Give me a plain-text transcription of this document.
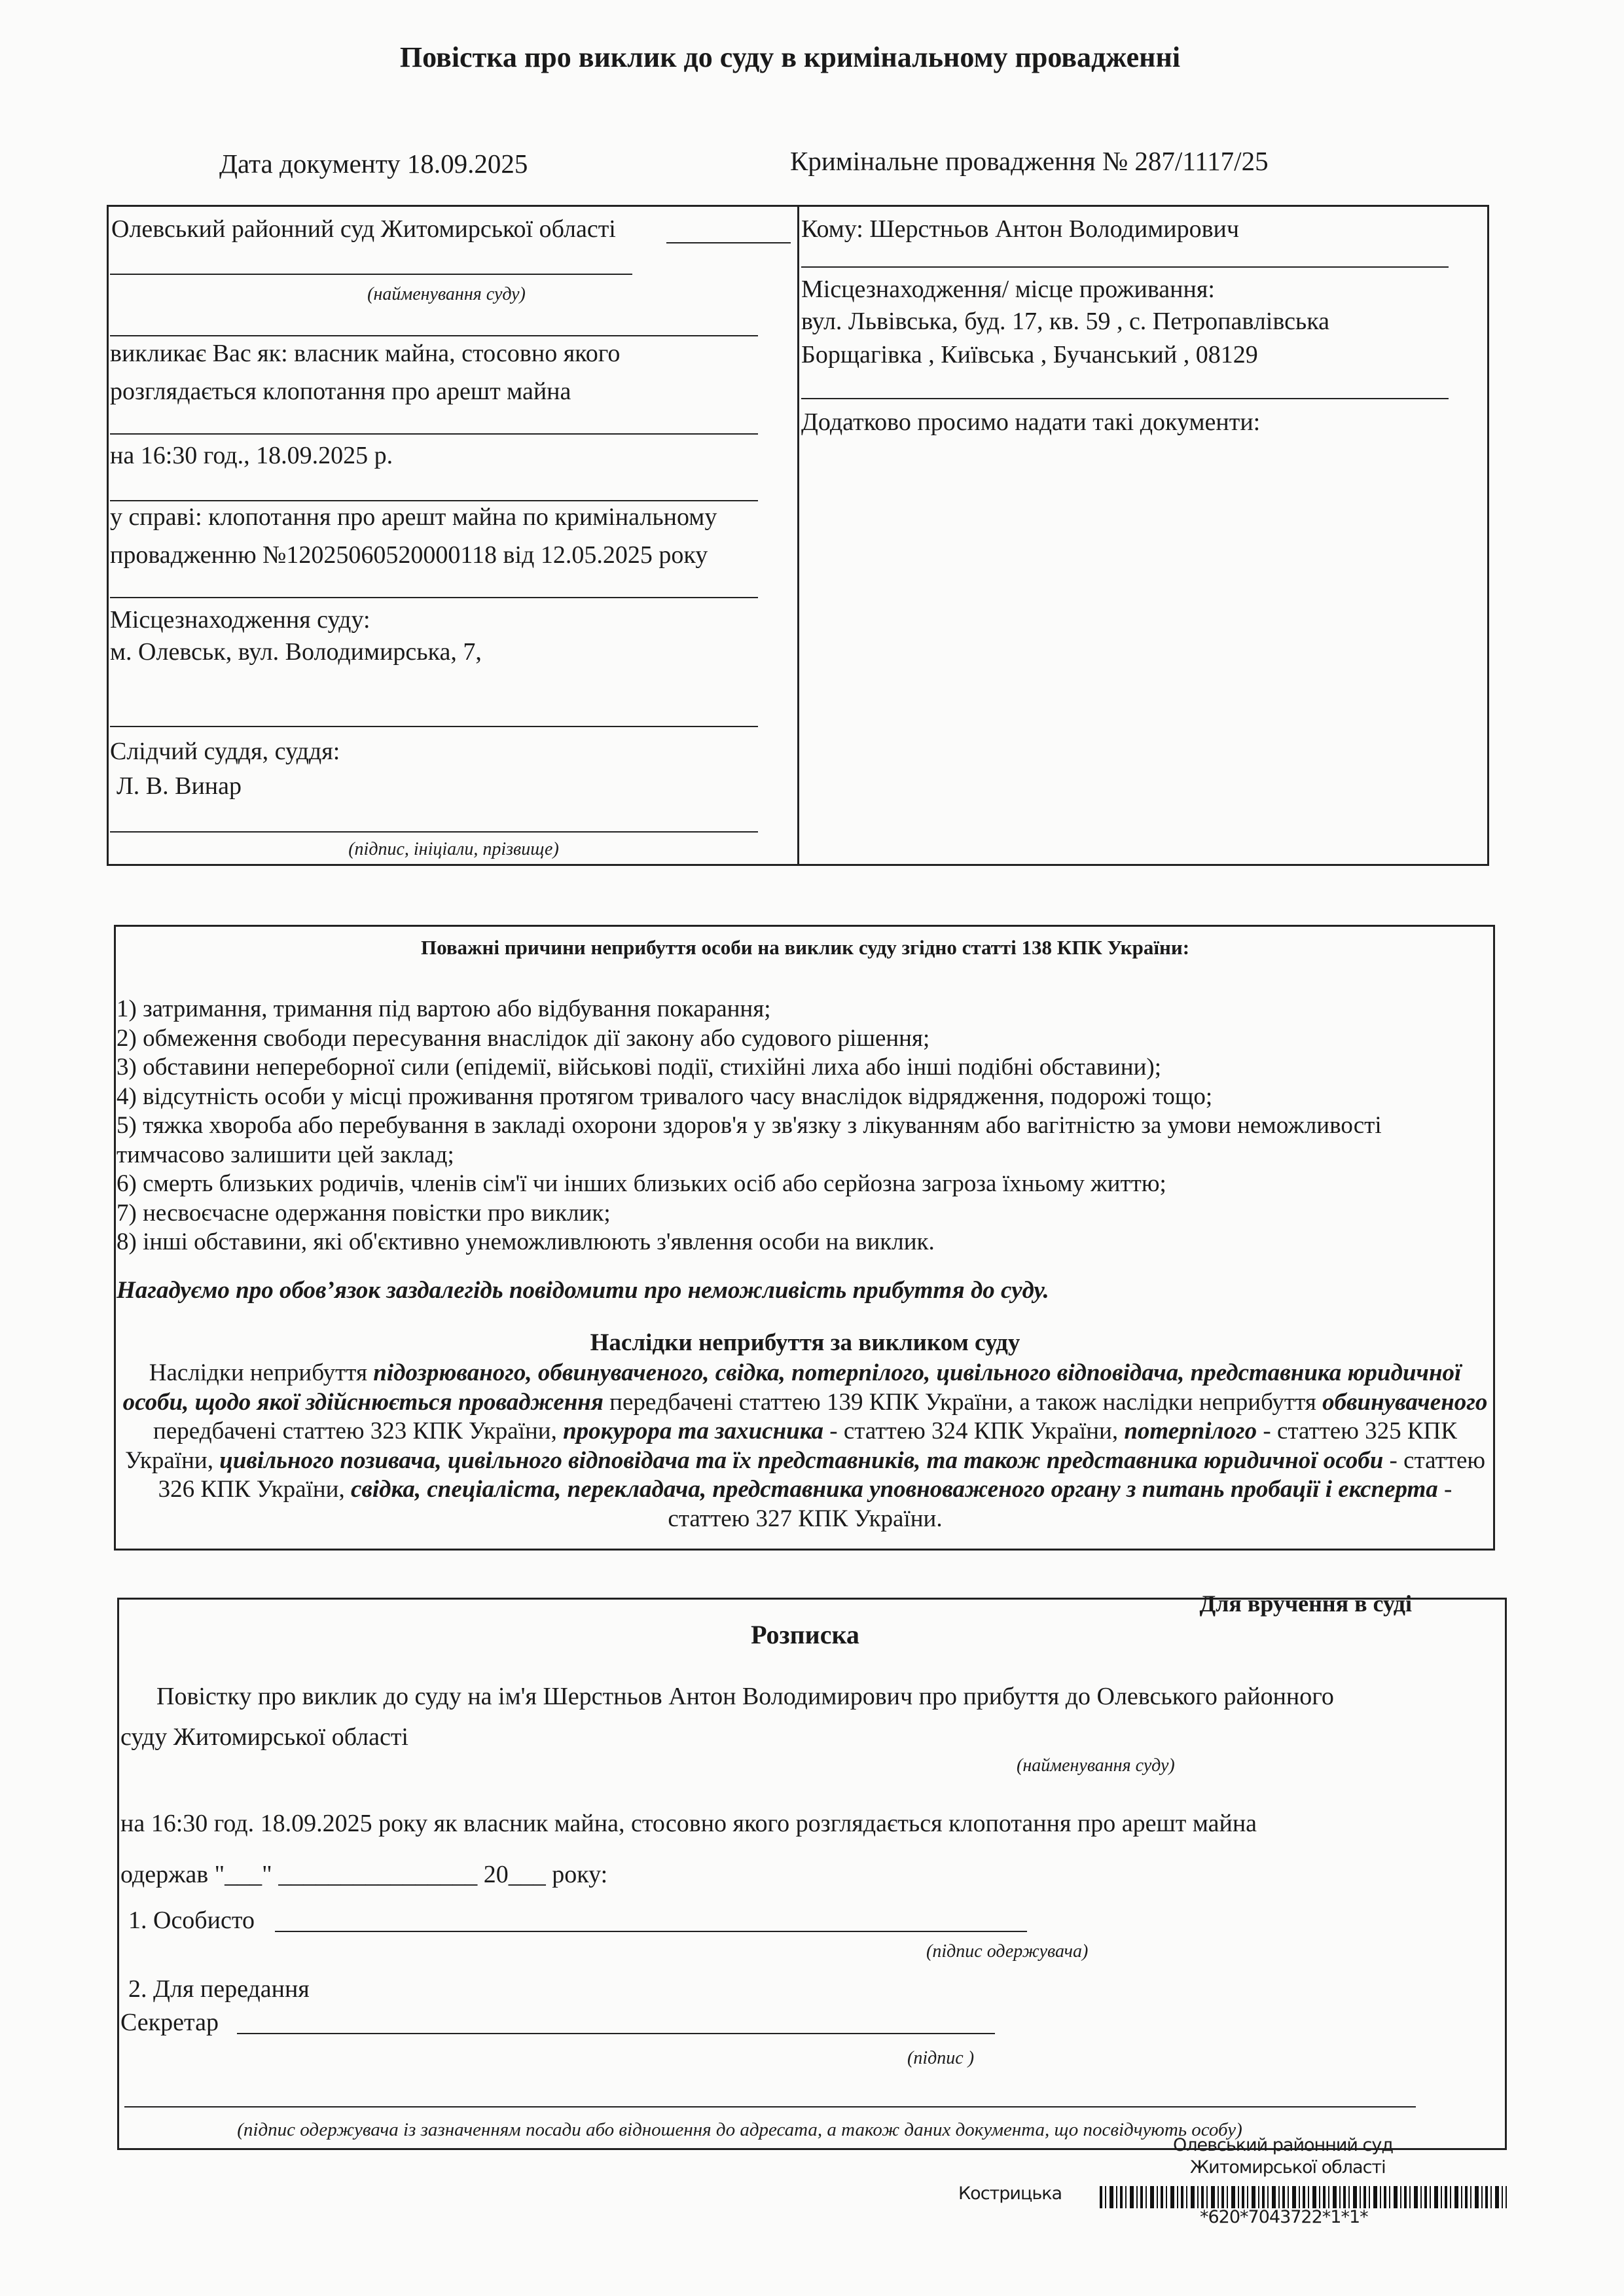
Повістка про виклик до суду в кримінальному провадженні
Дата документу 18.09.2025	Кримінальне провадження № 287/1117/25
Олевський районний суд Житомирської області
(найменування суду)
викликає Вас як: власник майна, стосовно якого
розглядається клопотання про арешт майна
на 16:30 год., 18.09.2025 р.
у справі: клопотання про арешт майна по кримінальному
провадженню №12025060520000118 від 12.05.2025 року
Місцезнаходження суду:
м. Олевськ, вул. Володимирська, 7,
Слідчий суддя, суддя:
Л. В. Винар
(підпис, ініціали, прізвище)
Кому: Шерстньов Антон Володимирович
Місцезнаходження/ місце проживання:
вул. Львівська, буд. 17, кв. 59 , с. Петропавлівська
Борщагівка , Київська , Бучанський , 08129
Додатково просимо надати такі документи:
Поважні причини неприбуття особи на виклик суду згідно статті 138 КПК України:
1) затримання, тримання під вартою або відбування покарання;
2) обмеження свободи пересування внаслідок дії закону або судового рішення;
3) обставини непереборної сили (епідемії, військові події, стихійні лиха або інші подібні обставини);
4) відсутність особи у місці проживання протягом тривалого часу внаслідок відрядження, подорожі тощо;
5) тяжка хвороба або перебування в закладі охорони здоров'я у зв'язку з лікуванням або вагітністю за умови неможливості
тимчасово залишити цей заклад;
6) смерть близьких родичів, членів сім'ї чи інших близьких осіб або серйозна загроза їхньому життю;
7) несвоєчасне одержання повістки про виклик;
8) інші обставини, які об'єктивно унеможливлюють з'явлення особи на виклик.
Нагадуємо про обов’язок заздалегідь повідомити про неможливість прибуття до суду.
Наслідки неприбуття за викликом суду
Наслідки неприбуття підозрюваного, обвинуваченого, свідка, потерпілого, цивільного відповідача, представника юридичної особи, щодо якої здійснюється провадження передбачені статтею 139 КПК України, а також наслідки неприбуття обвинуваченого передбачені статтею 323 КПК України, прокурора та захисника - статтею 324 КПК України, потерпілого - статтею 325 КПК України, цивільного позивача, цивільного відповідача та їх представників, та також представника юридичної особи - статтею 326 КПК України, свідка, спеціаліста, перекладача, представника уповноваженого органу з питань пробації і експерта - статтею 327 КПК України.
Для вручення в суді
Розписка
Повістку про виклик до суду на ім'я Шерстньов Антон Володимирович про прибуття до Олевського районного
суду Житомирської області
(найменування суду)
на 16:30 год. 18.09.2025 року як власник майна, стосовно якого розглядається клопотання про арешт майна
одержав "___" ________________ 20___ року:
1. Особисто
(підпис одержувача)
2. Для передання
Секретар
(підпис )
(підпис одержувача із зазначенням посади або відношення до адресата, а також даних документа, що посвідчують особу)
Олевський районний суд
Житомирської області
Кострицька
*620*7043722*1*1*
